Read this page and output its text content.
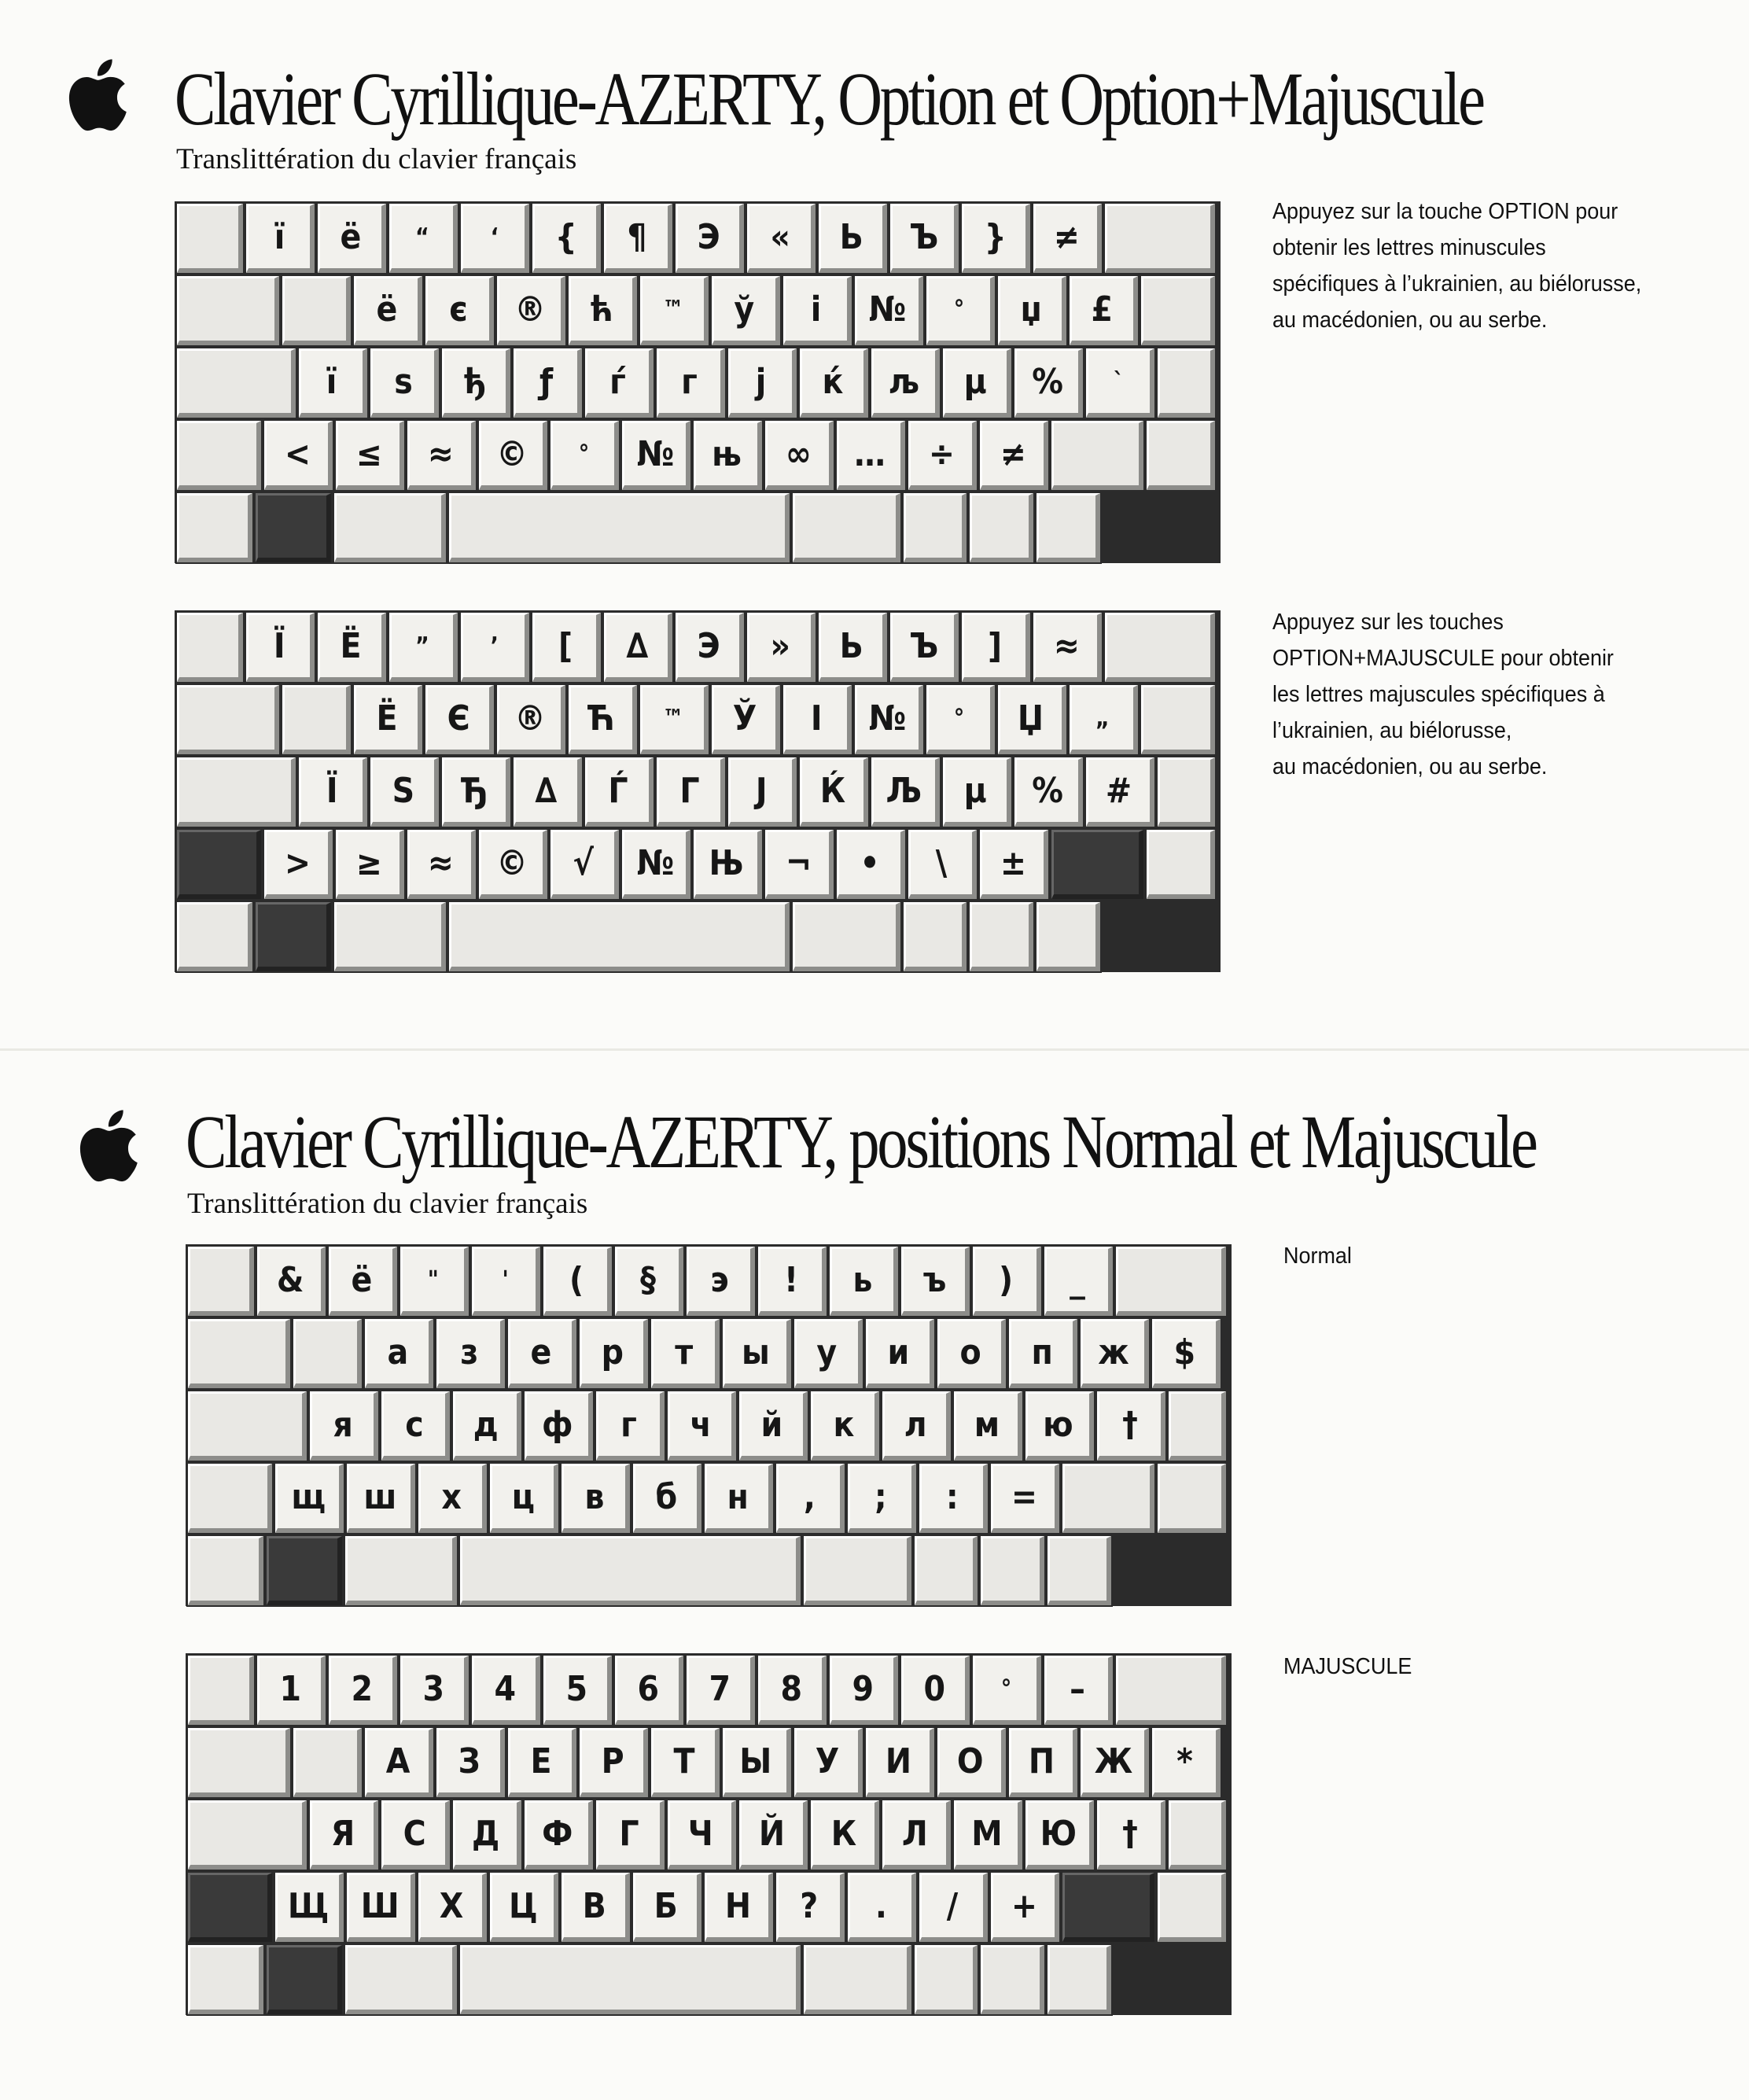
Clavier Cyrillique-AZERTY, Option et Option+Majuscule
Translittération du clavier français
ї ё “	‘ { ¶ Э « Ь Ъ } ≠
ё є ® ћ ™ ў і № ° џ £
ї ѕ ђ ƒ ѓ г ј ќ љ µ % `
< ≤ ≈ © ° № њ ∞ … ÷ ≠
Appuyez sur la touche OPTION pour
obtenir les lettres minuscules
spécifiques à l’ukrainien, au biélorusse,
au macédonien, ou au serbe.
Ї Ё ”	’ [ ∆ Э » Ь Ъ ] ≈
Ё Є ® Ћ ™ Ў І № ° Џ „
Ї Ѕ Ђ ∆ Ѓ Г Ј Ќ Љ µ % #
> ≥ ≈ © √ № Њ ¬ • \ ±
Appuyez sur les touches
OPTION+MAJUSCULE pour obtenir
les lettres majuscules spécifiques à
l’ukrainien, au biélorusse,
au macédonien, ou au serbe.
Clavier Cyrillique-AZERTY, positions Normal et Majuscule
Translittération du clavier français
& ё "	' ( § э ! ь ъ ) _
а з е р т ы у и о п ж $
я с д ф г ч й к л м ю †
щ ш х ц в б н , ; : =
Normal
1 2 3 4 5 6 7 8 9 0 ° –
А З Е Р Т Ы У И О П Ж *
Я С Д Ф Г Ч Й К Л М Ю †
Щ Ш Х Ц В Б Н ? . / +
MAJUSCULE
